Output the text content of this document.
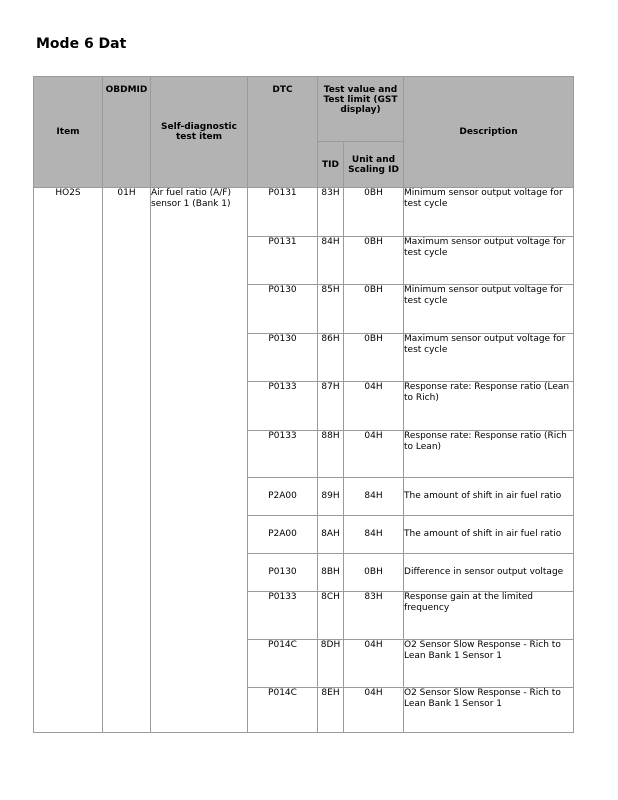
Mode 6 Dat
Item	OBDMID	Self-diagnostic test item	DTC	Test value and Test limit (GST display)		Description
				TID	Unit and Scaling ID	
HO2S	01H	Air fuel ratio (A/F) sensor 1 (Bank 1)	P0131	83H	0BH	Minimum sensor output voltage for test cycle
			P0131	84H	0BH	Maximum sensor output voltage for test cycle
			P0130	85H	0BH	Minimum sensor output voltage for test cycle
			P0130	86H	0BH	Maximum sensor output voltage for test cycle
			P0133	87H	04H	Response rate: Response ratio (Lean to Rich)
			P0133	88H	04H	Response rate: Response ratio (Rich to Lean)
			P2A00	89H	84H	The amount of shift in air fuel ratio
			P2A00	8AH	84H	The amount of shift in air fuel ratio
			P0130	8BH	0BH	Difference in sensor output voltage
			P0133	8CH	83H	Response gain at the limited frequency
			P014C	8DH	04H	O2 Sensor Slow Response - Rich to Lean Bank 1 Sensor 1
			P014C	8EH	04H	O2 Sensor Slow Response - Rich to Lean Bank 1 Sensor 1
